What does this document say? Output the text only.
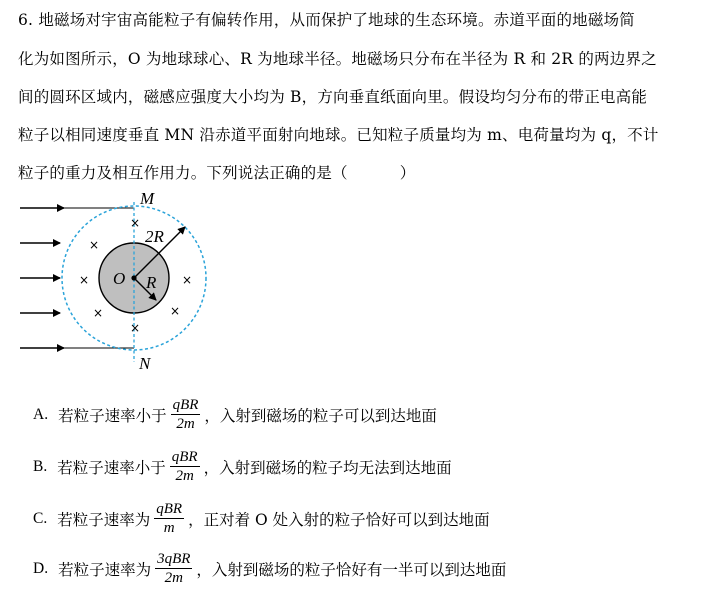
6. 地磁场对宇宙高能粒子有偏转作用，从而保护了地球的生态环境。赤道平面的地磁场简
化为如图所示，O 为地球球心、R 为地球半径。地磁场只分布在半径为 R 和 2R 的两边界之
间的圆环区域内，磁感应强度大小均为 B，方向垂直纸面向里。假设均匀分布的带正电高能
粒子以相同速度垂直 MN 沿赤道平面射向地球。已知粒子质量均为 m、电荷量均为 q，不计
粒子的重力及相互作用力。下列说法正确的是（	）
×
×
×	×
×	×
×
M
N
O R
2R
A. 若粒子速率小于 $\frac{\text{qBR}}{2m}$ ，入射到磁场的粒子可以到达地面
B. 若粒子速率小于 $\frac{\text{qBR}}{2m}$ ，入射到磁场的粒子均无法到达地面
C. 若粒子速率为 $\frac{\text{qBR}}{m}$ ，正对着 O 处入射的粒子恰好可以到达地面
D. 若粒子速率为 $\frac{\text{3qBR}}{2m}$ ，入射到磁场的粒子恰好有一半可以到达地面
